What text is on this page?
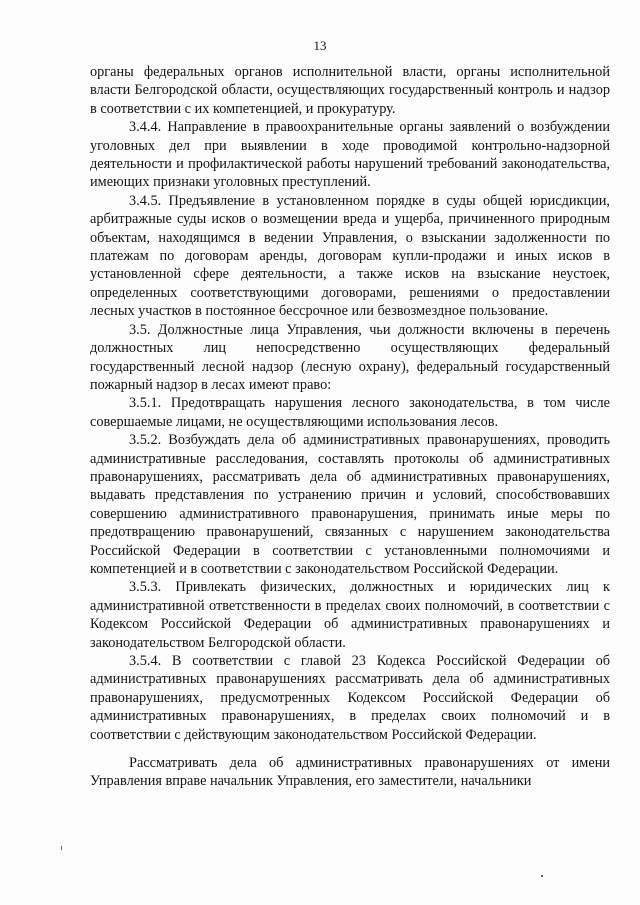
13

органы федеральных органов исполнительной власти, органы исполнительной власти Белгородской области, осуществляющих государственный контроль и надзор в соответствии с их компетенцией, и прокуратуру.

3.4.4. Направление в правоохранительные органы заявлений о возбуждении уголовных дел при выявлении в ходе проводимой контрольно-надзорной деятельности и профилактической работы нарушений требований законодательства, имеющих признаки уголовных преступлений.

3.4.5. Предъявление в установленном порядке в суды общей юрисдикции, арбитражные суды исков о возмещении вреда и ущерба, причиненного природным объектам, находящимся в ведении Управления, о взыскании задолженности по платежам по договорам аренды, договорам купли-продажи и иных исков в установленной сфере деятельности, а также исков на взыскание неустоек, определенных соответствующими договорами, решениями о предоставлении лесных участков в постоянное бессрочное или безвозмездное пользование.

3.5. Должностные лица Управления, чьи должности включены в перечень должностных лиц непосредственно осуществляющих федеральный государственный лесной надзор (лесную охрану), федеральный государственный пожарный надзор в лесах имеют право:

3.5.1. Предотвращать нарушения лесного законодательства, в том числе совершаемые лицами, не осуществляющими использования лесов.

3.5.2. Возбуждать дела об административных правонарушениях, проводить административные расследования, составлять протоколы об административных правонарушениях, рассматривать дела об административных правонарушениях, выдавать представления по устранению причин и условий, способствовавших совершению административного правонарушения, принимать иные меры по предотвращению правонарушений, связанных с нарушением законодательства Российской Федерации в соответствии с установленными полномочиями и компетенцией и в соответствии с законодательством Российской Федерации.

3.5.3. Привлекать физических, должностных и юридических лиц к административной ответственности в пределах своих полномочий, в соответствии с Кодексом Российской Федерации об административных правонарушениях и законодательством Белгородской области.

3.5.4. В соответствии с главой 23 Кодекса Российской Федерации об административных правонарушениях рассматривать дела об административных правонарушениях, предусмотренных Кодексом Российской Федерации об административных правонарушениях, в пределах своих полномочий и в соответствии с действующим законодательством Российской Федерации.

Рассматривать дела об административных правонарушениях от имени Управления вправе начальник Управления, его заместители, начальники
